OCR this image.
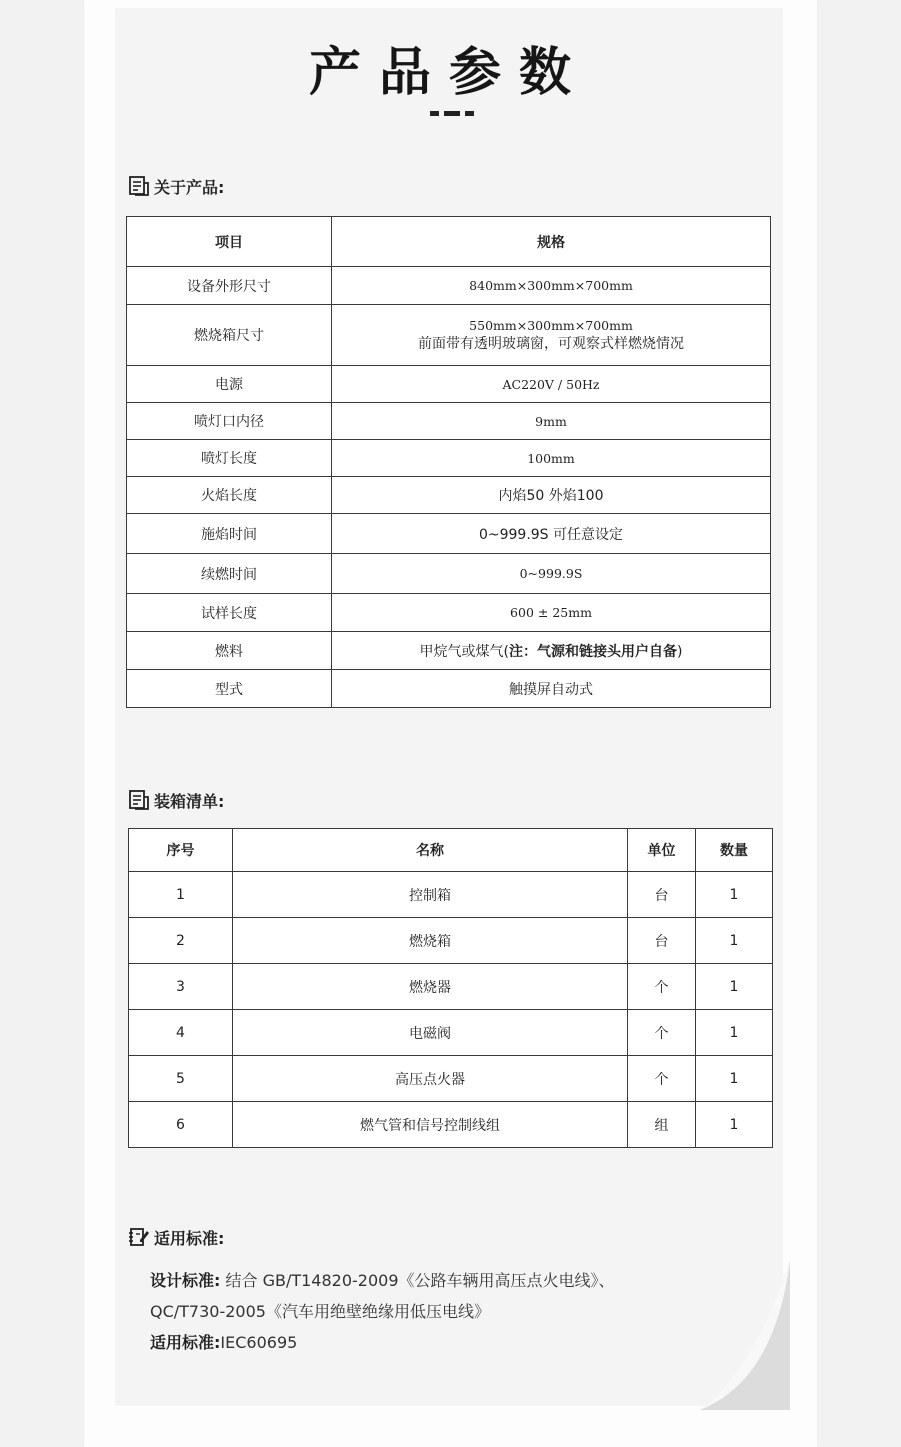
产品参数
关于产品:
项目	规格
设备外形尺寸	840mm×300mm×700mm
燃烧箱尺寸	550mm×300mm×700mm
前面带有透明玻璃窗，可观察式样燃烧情况

电源	AC220V / 50Hz
喷灯口内径	9mm
喷灯长度	100mm
火焰长度	内焰50 外焰100
施焰时间	0~999.9S 可任意设定
续燃时间	0~999.9S
试样长度	600 ± 25mm
燃料	甲烷气或煤气(注：气源和链接头用户自备)
型式	触摸屏自动式
装箱清单:
序号	名称	单位	数量
1	控制箱	台	1
2	燃烧箱	台	1
3	燃烧器	个	1
4	电磁阀	个	1
5	高压点火器	个	1
6	燃气管和信号控制线组	组	1
适用标准:
设计标准: 结合 GB/T14820-2009《公路车辆用高压点火电线》、
QC/T730-2005《汽车用绝壁绝缘用低压电线》
适用标准:IEC60695
